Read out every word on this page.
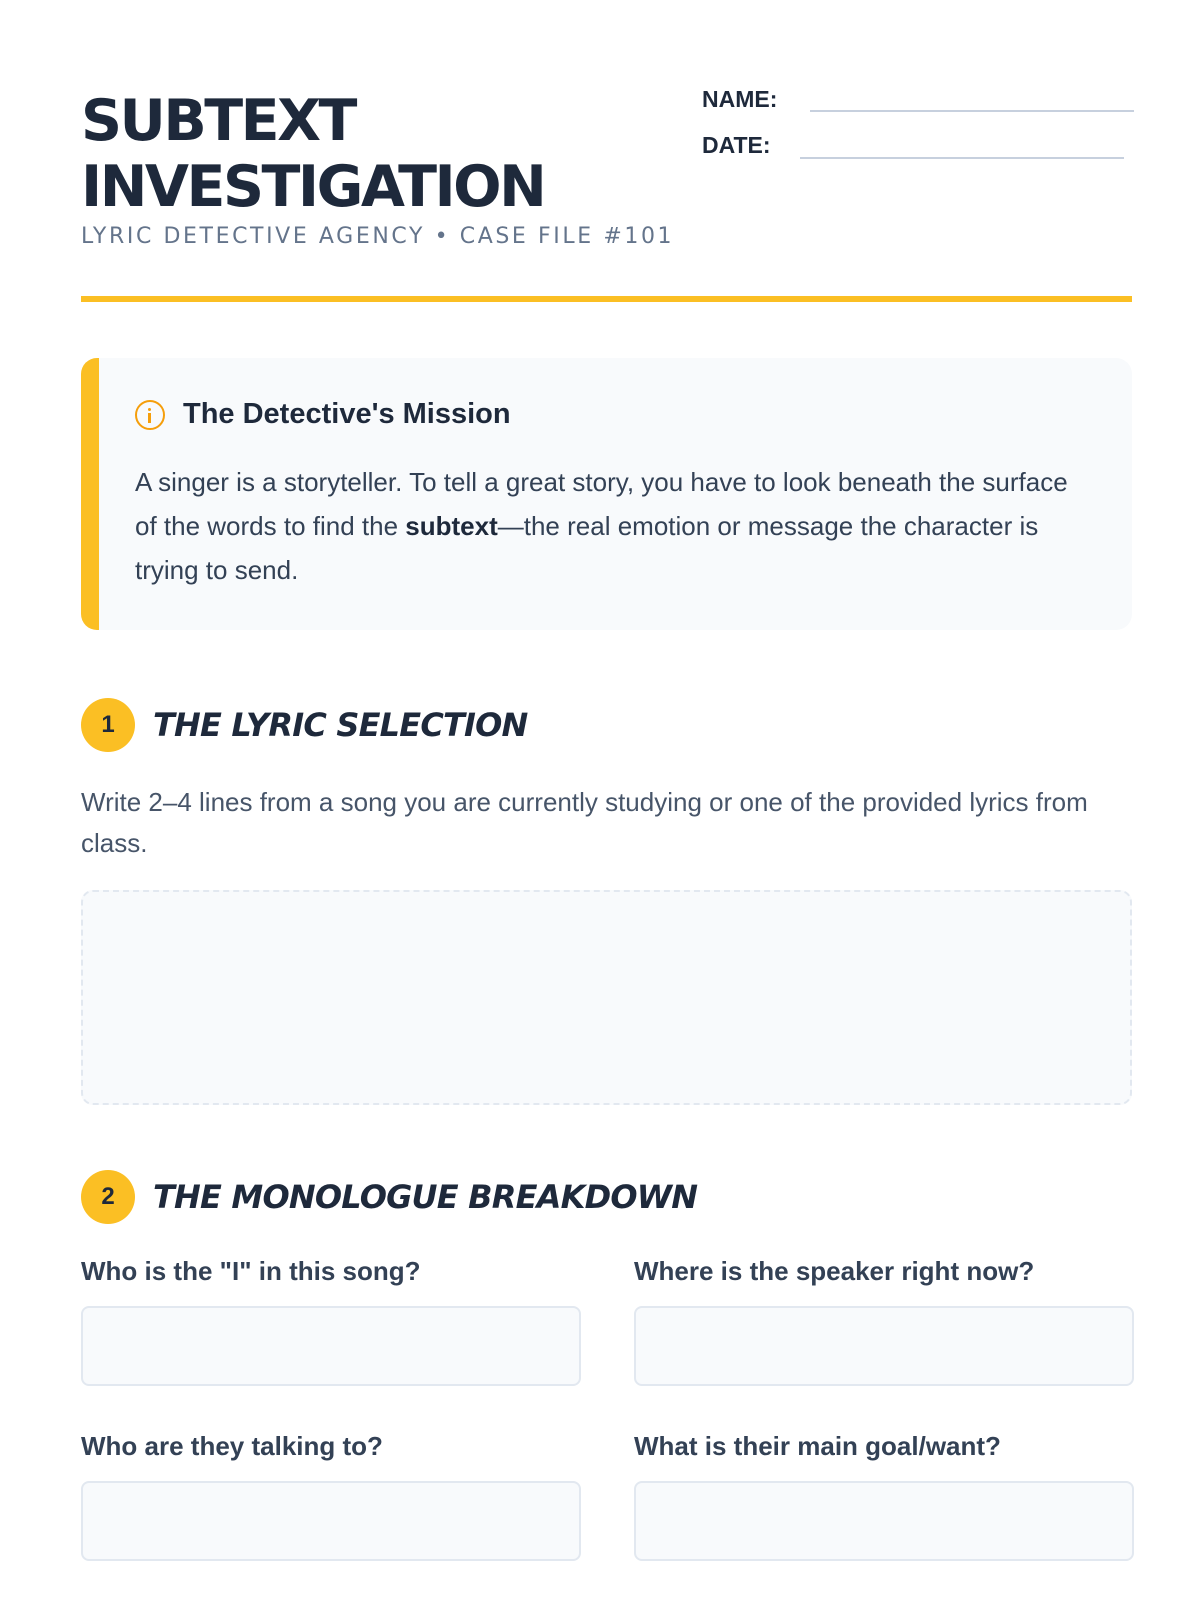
SUBTEXT
INVESTIGATION
LYRIC DETECTIVE AGENCY • CASE FILE #101
NAME:
DATE:
The Detective's Mission
A singer is a storyteller. To tell a great story, you have to look beneath the surface of the words to find the subtext—the real emotion or message the character is trying to send.
1	THE LYRIC SELECTION
Write 2–4 lines from a song you are currently studying or one of the provided lyrics from class.
2	THE MONOLOGUE BREAKDOWN
Who is the "I" in this song?	Where is the speaker right now?
Who are they talking to?	What is their main goal/want?
